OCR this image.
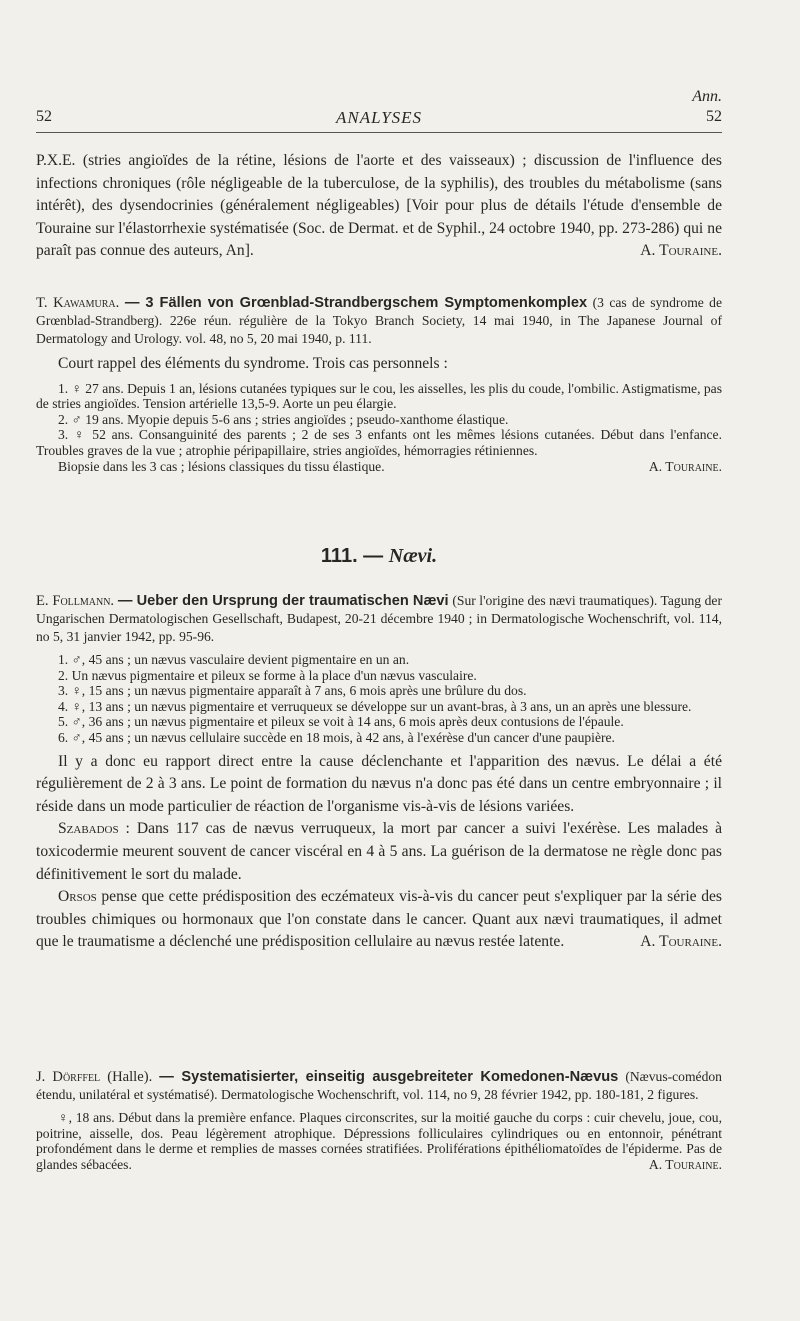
Ann.
52	ANALYSES	52

P.X.E. (stries angioïdes de la rétine, lésions de l'aorte et des vaisseaux) ; discussion de l'influence des infections chroniques (rôle négligeable de la tuberculose, de la syphilis), des troubles du métabolisme (sans intérêt), des dysendocrinies (généralement négligeables) [Voir pour plus de détails l'étude d'ensemble de Touraine sur l'élastorrhexie systématisée (Soc. de Dermat. et de Syphil., 24 octobre 1940, pp. 273-286) qui ne paraît pas connue des auteurs, An].	A. Touraine.

T. Kawamura. — 3 Fällen von Grœnblad-Strandbergschem Symptomenkomplex (3 cas de syndrome de Grœnblad-Strandberg). 226e réun. régulière de la Tokyo Branch Society, 14 mai 1940, in The Japanese Journal of Dermatology and Urology. vol. 48, no 5, 20 mai 1940, p. 111.

Court rappel des éléments du syndrome. Trois cas personnels :

1. ♀ 27 ans. Depuis 1 an, lésions cutanées typiques sur le cou, les aisselles, les plis du coude, l'ombilic. Astigmatisme, pas de stries angioïdes. Tension artérielle 13,5-9. Aorte un peu élargie.

2. ♂ 19 ans. Myopie depuis 5-6 ans ; stries angioïdes ; pseudo-xanthome élastique.

3. ♀ 52 ans. Consanguinité des parents ; 2 de ses 3 enfants ont les mêmes lésions cutanées. Début dans l'enfance. Troubles graves de la vue ; atrophie péripapillaire, stries angioïdes, hémorragies rétiniennes.

Biopsie dans les 3 cas ; lésions classiques du tissu élastique.	A. Touraine.

111. — Nævi.

E. Follmann. — Ueber den Ursprung der traumatischen Nævi (Sur l'origine des nævi traumatiques). Tagung der Ungarischen Dermatologischen Gesellschaft, Budapest, 20-21 décembre 1940 ; in Dermatologische Wochenschrift, vol. 114, no 5, 31 janvier 1942, pp. 95-96.

1. ♂, 45 ans ; un nævus vasculaire devient pigmentaire en un an.

2. Un nævus pigmentaire et pileux se forme à la place d'un nævus vasculaire.

3. ♀, 15 ans ; un nævus pigmentaire apparaît à 7 ans, 6 mois après une brûlure du dos.

4. ♀, 13 ans ; un nævus pigmentaire et verruqueux se développe sur un avant-bras, à 3 ans, un an après une blessure.

5. ♂, 36 ans ; un nævus pigmentaire et pileux se voit à 14 ans, 6 mois après deux contusions de l'épaule.

6. ♂, 45 ans ; un nævus cellulaire succède en 18 mois, à 42 ans, à l'exérèse d'un cancer d'une paupière.

Il y a donc eu rapport direct entre la cause déclenchante et l'apparition des nævus. Le délai a été régulièrement de 2 à 3 ans. Le point de formation du nævus n'a donc pas été dans un centre embryonnaire ; il réside dans un mode particulier de réaction de l'organisme vis-à-vis de lésions variées.

Szabados : Dans 117 cas de nævus verruqueux, la mort par cancer a suivi l'exérèse. Les malades à toxicodermie meurent souvent de cancer viscéral en 4 à 5 ans. La guérison de la dermatose ne règle donc pas définitivement le sort du malade.

Orsos pense que cette prédisposition des eczémateux vis-à-vis du cancer peut s'expliquer par la série des troubles chimiques ou hormonaux que l'on constate dans le cancer. Quant aux nævi traumatiques, il admet que le traumatisme a déclenché une prédisposition cellulaire au nævus restée latente.	A. Touraine.

J. Dörffel (Halle). — Systematisierter, einseitig ausgebreiteter Komedonen-Nævus (Nævus-comédon étendu, unilatéral et systématisé). Dermatologische Wochenschrift, vol. 114, no 9, 28 février 1942, pp. 180-181, 2 figures.

♀, 18 ans. Début dans la première enfance. Plaques circonscrites, sur la moitié gauche du corps : cuir chevelu, joue, cou, poitrine, aisselle, dos. Peau légèrement atrophique. Dépressions folliculaires cylindriques ou en entonnoir, pénétrant profondément dans le derme et remplies de masses cornées stratifiées. Proliférations épithéliomatoïdes de l'épiderme. Pas de glandes sébacées.	A. Touraine.
